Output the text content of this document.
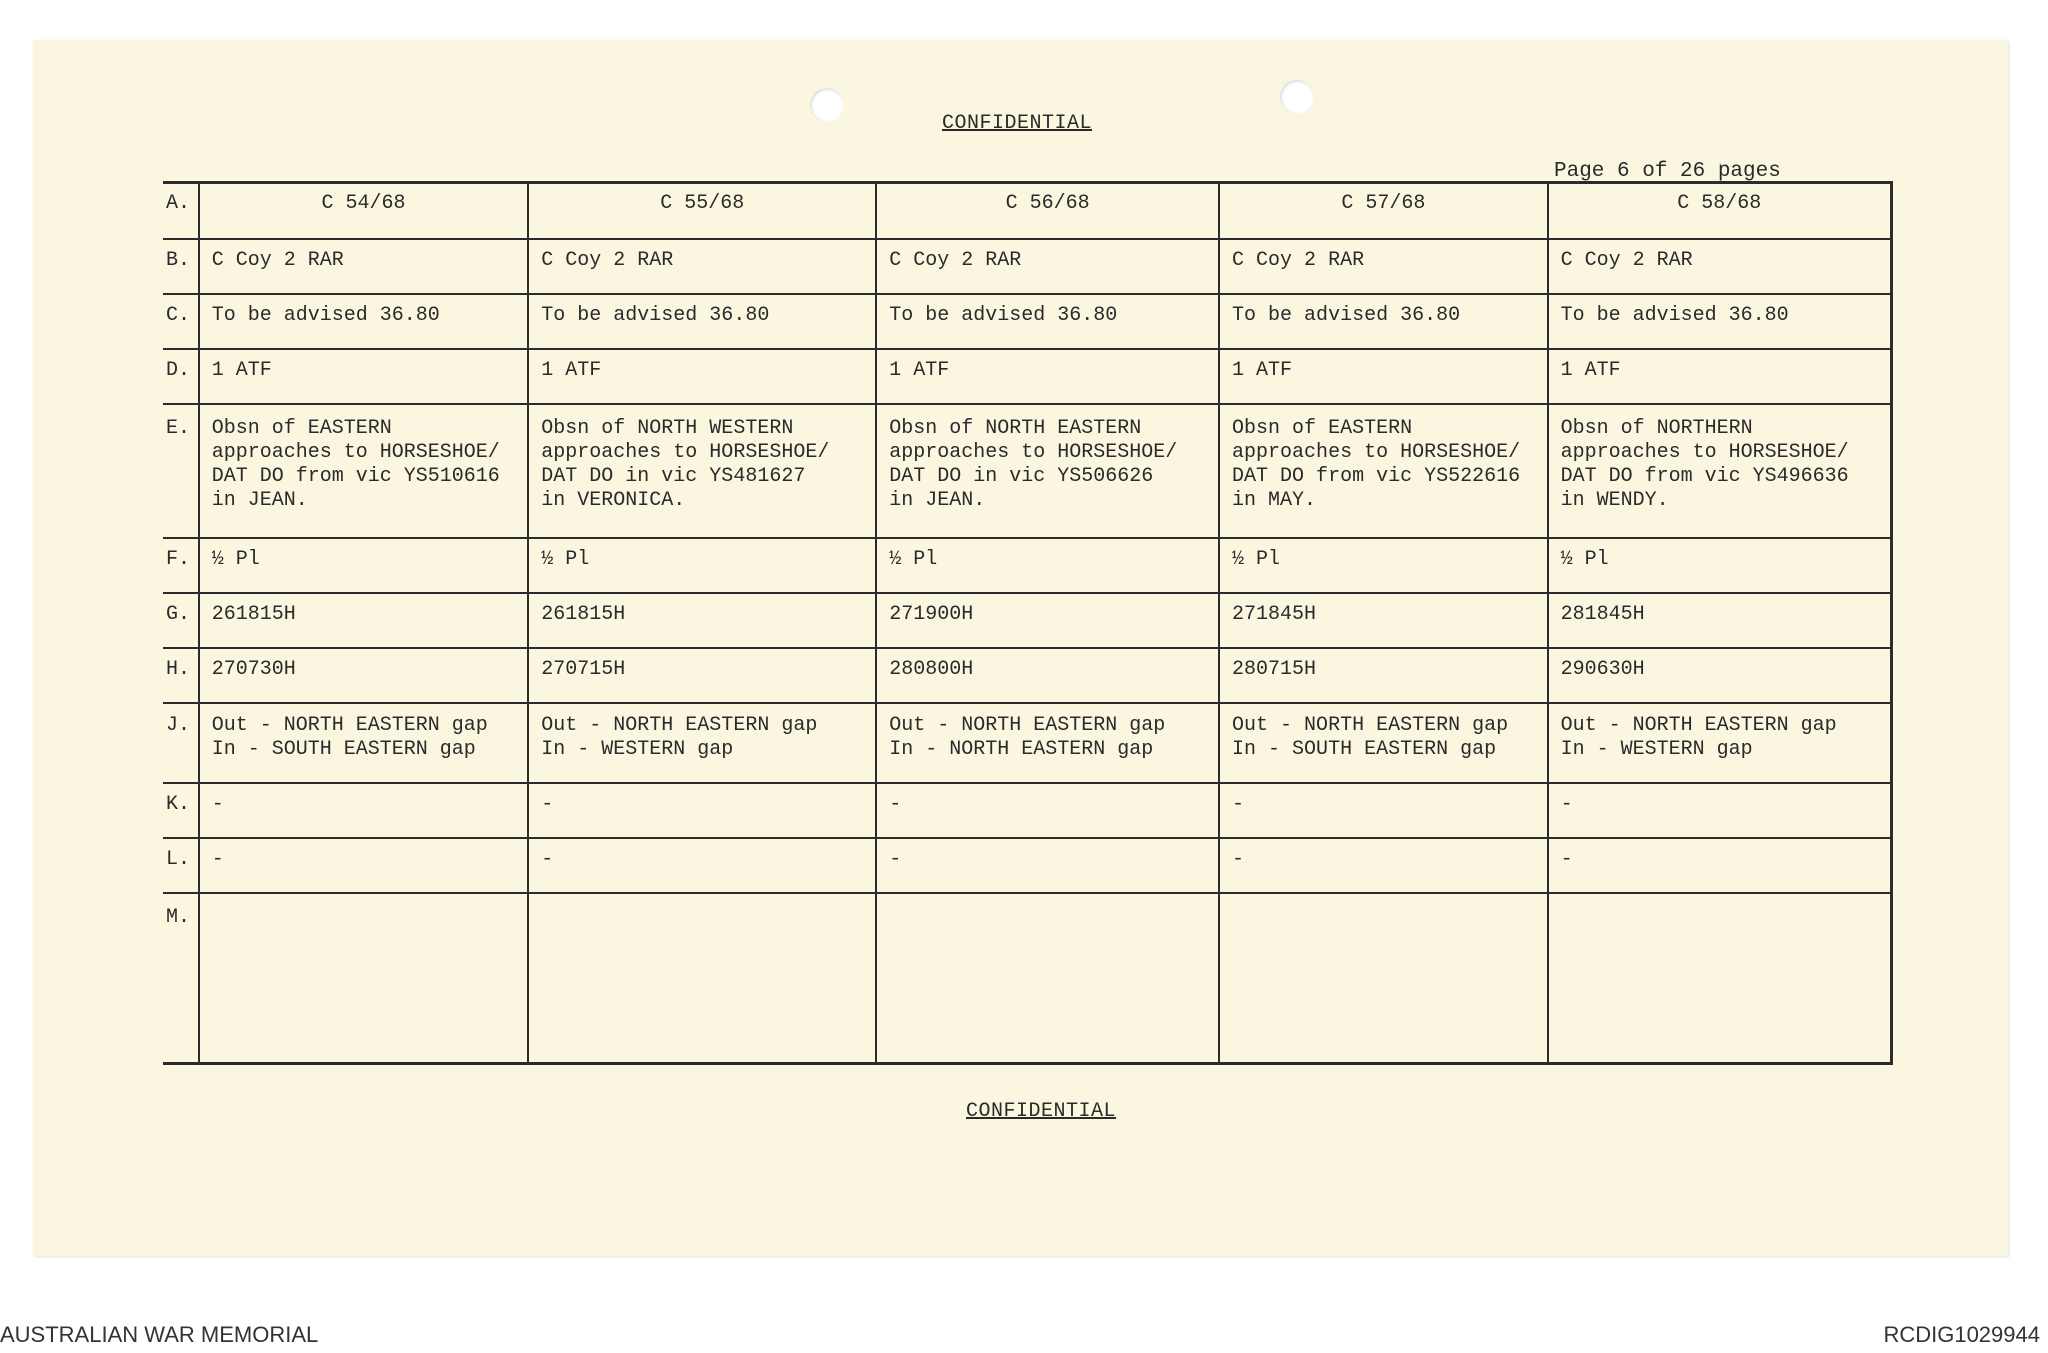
CONFIDENTIAL
Page 6 of 26 pages
CONFIDENTIAL
A.	C 54/68	C 55/68	C 56/68	C 57/68	C 58/68
B.	C Coy 2 RAR	C Coy 2 RAR	C Coy 2 RAR	C Coy 2 RAR	C Coy 2 RAR
C.	To be advised 36.80	To be advised 36.80	To be advised 36.80	To be advised 36.80	To be advised 36.80
D.	1 ATF	1 ATF	1 ATF	1 ATF	1 ATF
E.	Obsn of EASTERN
approaches to HORSESHOE/
DAT DO from vic YS510616
in JEAN.	Obsn of NORTH WESTERN
approaches to HORSESHOE/
DAT DO in vic YS481627
in VERONICA.	Obsn of NORTH EASTERN
approaches to HORSESHOE/
DAT DO in vic YS506626
in JEAN.	Obsn of EASTERN
approaches to HORSESHOE/
DAT DO from vic YS522616
in MAY.	Obsn of NORTHERN
approaches to HORSESHOE/
DAT DO from vic YS496636
in WENDY.
F.	½ Pl	½ Pl	½ Pl	½ Pl	½ Pl
G.	261815H	261815H	271900H	271845H	281845H
H.	270730H	270715H	280800H	280715H	290630H
J.	Out - NORTH EASTERN gap
In - SOUTH EASTERN gap	Out - NORTH EASTERN gap
In - WESTERN gap	Out - NORTH EASTERN gap
In - NORTH EASTERN gap	Out - NORTH EASTERN gap
In - SOUTH EASTERN gap	Out - NORTH EASTERN gap
In - WESTERN gap
K.	-	-	-	-	-
L.	-	-	-	-	-
M.					
AUSTRALIAN WAR MEMORIAL	RCDIG1029944
